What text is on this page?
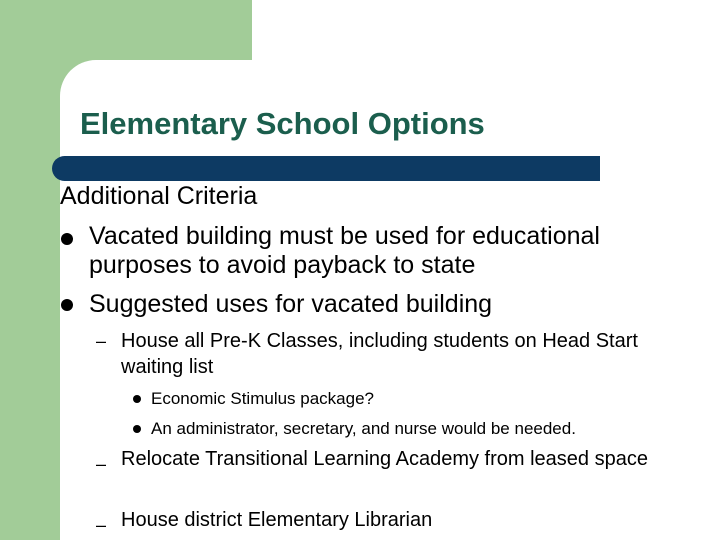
Elementary School Options
Additional Criteria
Vacated building must be used for educational purposes to avoid payback to state
Suggested uses for vacated building
– House all Pre-K Classes, including students on Head Start waiting list
Economic Stimulus package?
An administrator, secretary, and nurse would be needed.
– Relocate Transitional Learning Academy from leased space
– House district Elementary Librarian
